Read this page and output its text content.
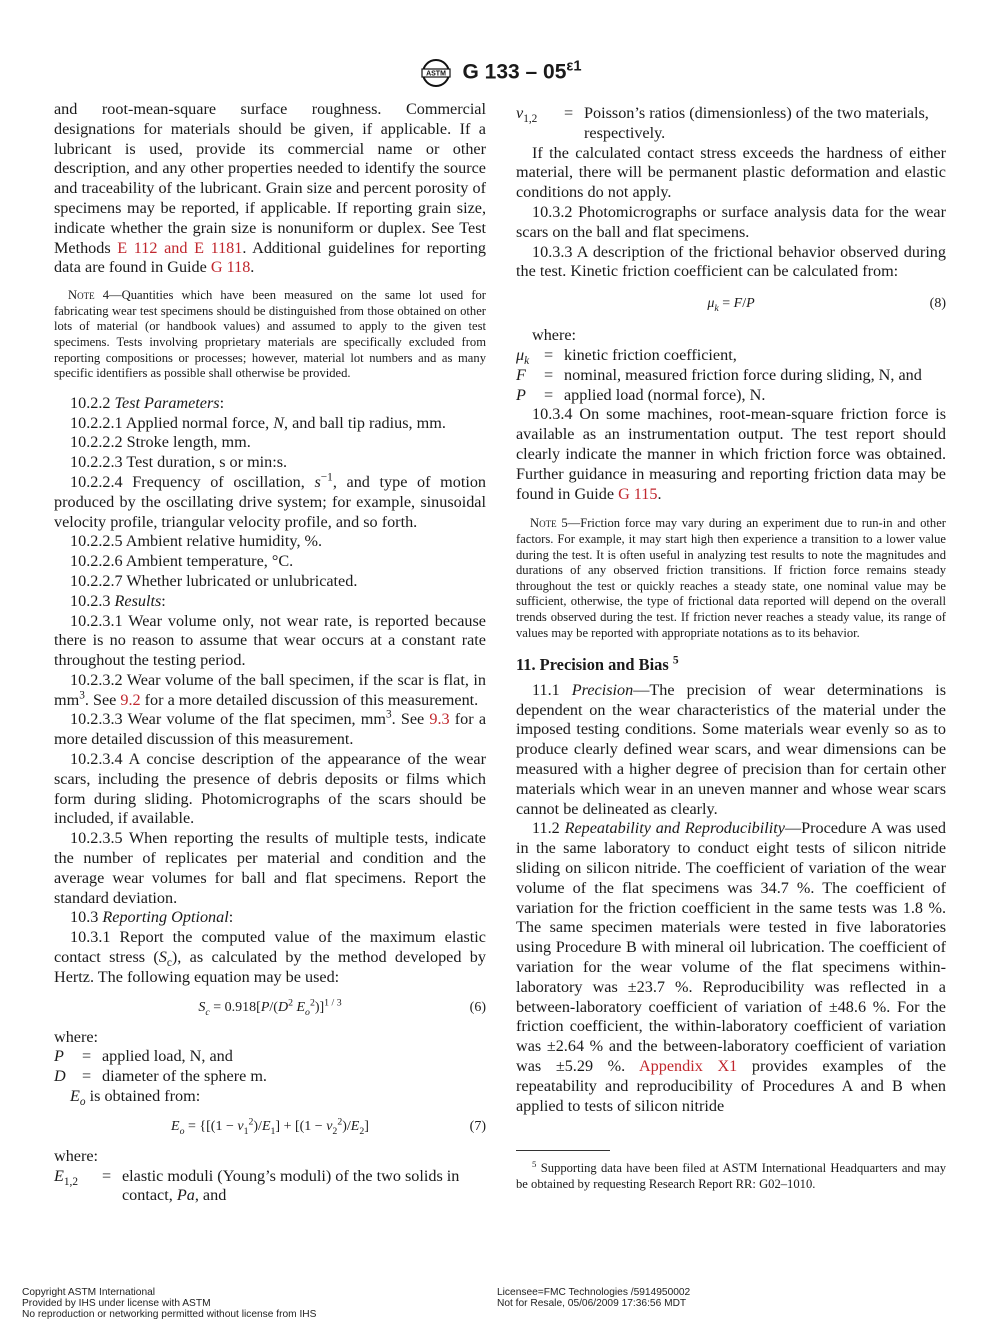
ASTM G $133 - 05^{\varepsilon 1}$

and root-mean-square surface roughness. Commercial designations for materials should be given, if applicable. If a lubricant is used, provide its commercial name or other description, and any other properties needed to identify the source and traceability of the lubricant. Grain size and percent porosity of specimens may be reported, if applicable. If reporting grain size, indicate whether the grain size is nonuniform or duplex. See Test Methods E 112 and E 1181. Additional guidelines for reporting data are found in Guide G 118.

Note 4—Quantities which have been measured on the same lot used for fabricating wear test specimens should be distinguished from those obtained on other lots of material (or handbook values) and assumed to apply to the given test specimens. Tests involving proprietary materials are specifically excluded from reporting compositions or processes; however, material lot numbers and as many specific identifiers as possible shall otherwise be provided.

10.2.2 Test Parameters:

10.2.2.1 Applied normal force, N, and ball tip radius, mm.

10.2.2.2 Stroke length, mm.

10.2.2.3 Test duration, s or min:s.

10.2.2.4 Frequency of oscillation, $s^{-1}$, and type of motion produced by the oscillating drive system; for example, sinusoidal velocity profile, triangular velocity profile, and so forth.

10.2.2.5 Ambient relative humidity, %.

10.2.2.6 Ambient temperature, °C.

10.2.2.7 Whether lubricated or unlubricated.

10.2.3 Results:

10.2.3.1 Wear volume only, not wear rate, is reported because there is no reason to assume that wear occurs at a constant rate throughout the testing period.

10.2.3.2 Wear volume of the ball specimen, if the scar is flat, in $mm^3$. See 9.2 for a more detailed discussion of this measurement.

10.2.3.3 Wear volume of the flat specimen, $mm^3$. See 9.3 for a more detailed discussion of this measurement.

10.2.3.4 A concise description of the appearance of the wear scars, including the presence of debris deposits or films which form during sliding. Photomicrographs of the scars should be included, if available.

10.2.3.5 When reporting the results of multiple tests, indicate the number of replicates per material and condition and the average wear volumes for ball and flat specimens. Report the standard deviation.

10.3 Reporting Optional:

10.3.1 Report the computed value of the maximum elastic contact stress $(S_c)$, as calculated by the method developed by Hertz. The following equation may be used:

$S_c = 0.918[P/(D^2$ $E_o^2)]^{1 / 3}$	(6)

where:

P	= applied load, N, and
D	= diameter of the sphere m.

$E_o$ is obtained from:

$E_o = \{[(1 - v_1^2)/E_1] + [(1 - v_2^2)/E_2]$	(7)

where:

$E_{1,2}$	= elastic moduli (Young’s moduli) of the two solids in contact, Pa, and
$v_{1,2}$	= Poisson’s ratios (dimensionless) of the two materials, respectively.

If the calculated contact stress exceeds the hardness of either material, there will be permanent plastic deformation and elastic conditions do not apply.

10.3.2 Photomicrographs or surface analysis data for the wear scars on the ball and flat specimens.

10.3.3 A description of the frictional behavior observed during the test. Kinetic friction coefficient can be calculated from:

$\mu_k = F/P$	(8)

where:

$\mu_k$ = kinetic friction coefficient,
F	= nominal, measured friction force during sliding, N, and
P	= applied load (normal force), N.

10.3.4 On some machines, root-mean-square friction force is available as an instrumentation output. The test report should clearly indicate the manner in which friction force was obtained. Further guidance in measuring and reporting friction data may be found in Guide G 115.

Note 5—Friction force may vary during an experiment due to run-in and other factors. For example, it may start high then experience a transition to a lower value during the test. It is often useful in analyzing test results to note the magnitudes and durations of any observed friction transitions. If friction force remains steady throughout the test or quickly reaches a steady state, one nominal value may be sufficient, otherwise, the type of frictional data reported will depend on the overall trends observed during the test. If friction never reaches a steady value, its range of values may be reported with appropriate notations as to its behavior.

11. Precision and Bias $^5$

11.1 Precision—The precision of wear determinations is dependent on the wear characteristics of the material under the imposed testing conditions. Some materials wear evenly so as to produce clearly defined wear scars, and wear dimensions can be measured with a higher degree of precision than for certain other materials which wear in an uneven manner and whose wear scars cannot be delineated as clearly.

11.2 Repeatability and Reproducibility—Procedure A was used in the same laboratory to conduct eight tests of silicon nitride sliding on silicon nitride. The coefficient of variation of the wear volume of the flat specimens was 34.7 %. The coefficient of variation for the friction coefficient in the same tests was 1.8 %. The same specimen materials were tested in five laboratories using Procedure B with mineral oil lubrication. The coefficient of variation for the wear volume of the flat specimens within-laboratory was ±23.7 %. Reproducibility was reflected in a between-laboratory coefficient of variation of ±48.6 %. For the friction coefficient, the within-laboratory coefficient of variation was ±2.64 % and the between-laboratory coefficient of variation was ±5.29 %. Appendix X1 provides examples of the repeatability and reproducibility of Procedures A and B when applied to tests of silicon nitride

$^5$ Supporting data have been filed at ASTM International Headquarters and may be obtained by requesting Research Report RR: G02–1010.

Copyright ASTM International
Provided by IHS under license with ASTM
No reproduction or networking permitted without license from IHS
Licensee=FMC Technologies /5914950002
Not for Resale, 05/06/2009 17:36:56 MDT
